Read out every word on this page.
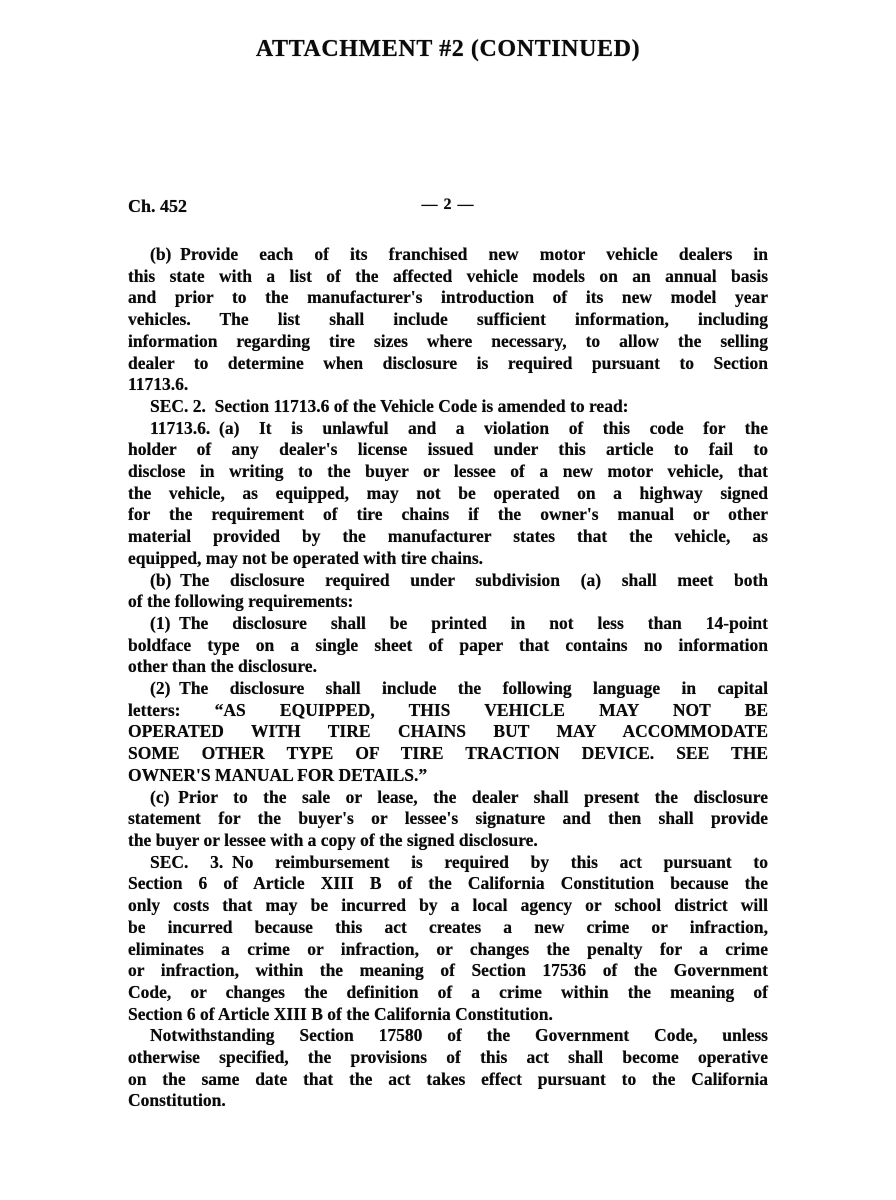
ATTACHMENT #2 (CONTINUED)
Ch. 452	— 2 —
(b) Provide each of its franchised new motor vehicle dealers in
this state with a list of the affected vehicle models on an annual basis
and prior to the manufacturer's introduction of its new model year
vehicles. The list shall include sufficient information, including
information regarding tire sizes where necessary, to allow the selling
dealer to determine when disclosure is required pursuant to Section
11713.6.
SEC. 2. Section 11713.6 of the Vehicle Code is amended to read:
11713.6. (a) It is unlawful and a violation of this code for the
holder of any dealer's license issued under this article to fail to
disclose in writing to the buyer or lessee of a new motor vehicle, that
the vehicle, as equipped, may not be operated on a highway signed
for the requirement of tire chains if the owner's manual or other
material provided by the manufacturer states that the vehicle, as
equipped, may not be operated with tire chains.
(b) The disclosure required under subdivision (a) shall meet both
of the following requirements:
(1) The disclosure shall be printed in not less than 14-point
boldface type on a single sheet of paper that contains no information
other than the disclosure.
(2) The disclosure shall include the following language in capital
letters: “AS EQUIPPED, THIS VEHICLE MAY NOT BE
OPERATED WITH TIRE CHAINS BUT MAY ACCOMMODATE
SOME OTHER TYPE OF TIRE TRACTION DEVICE. SEE THE
OWNER'S MANUAL FOR DETAILS.”
(c) Prior to the sale or lease, the dealer shall present the disclosure
statement for the buyer's or lessee's signature and then shall provide
the buyer or lessee with a copy of the signed disclosure.
SEC. 3. No reimbursement is required by this act pursuant to
Section 6 of Article XIII B of the California Constitution because the
only costs that may be incurred by a local agency or school district will
be incurred because this act creates a new crime or infraction,
eliminates a crime or infraction, or changes the penalty for a crime
or infraction, within the meaning of Section 17536 of the Government
Code, or changes the definition of a crime within the meaning of
Section 6 of Article XIII B of the California Constitution.
Notwithstanding Section 17580 of the Government Code, unless
otherwise specified, the provisions of this act shall become operative
on the same date that the act takes effect pursuant to the California
Constitution.
